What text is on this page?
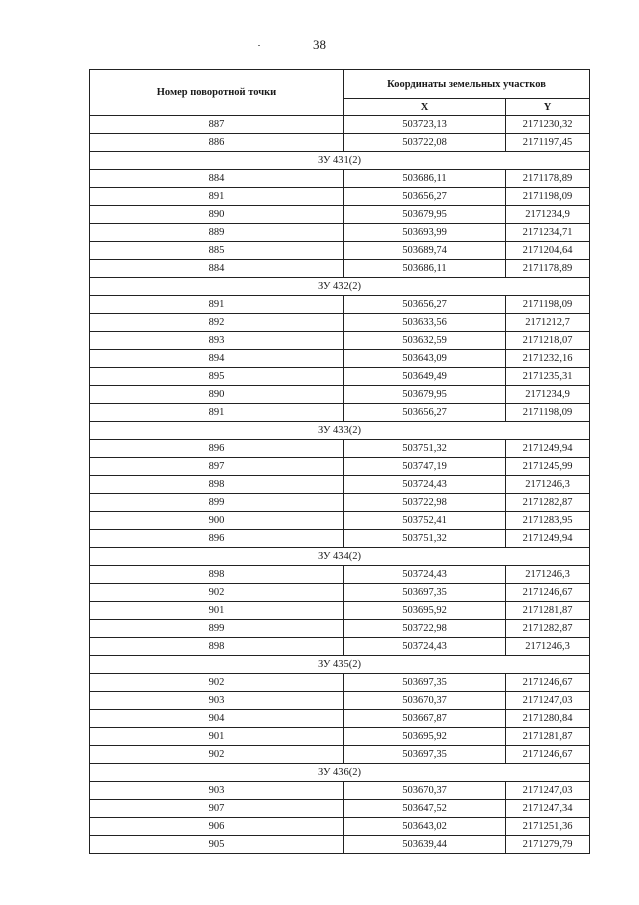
38
Номер поворотной точки	Координаты земельных участков	
	X	Y
887	503723,13	2171230,32
886	503722,08	2171197,45
ЗУ 431(2)		
884	503686,11	2171178,89
891	503656,27	2171198,09
890	503679,95	2171234,9
889	503693,99	2171234,71
885	503689,74	2171204,64
884	503686,11	2171178,89
ЗУ 432(2)		
891	503656,27	2171198,09
892	503633,56	2171212,7
893	503632,59	2171218,07
894	503643,09	2171232,16
895	503649,49	2171235,31
890	503679,95	2171234,9
891	503656,27	2171198,09
ЗУ 433(2)		
896	503751,32	2171249,94
897	503747,19	2171245,99
898	503724,43	2171246,3
899	503722,98	2171282,87
900	503752,41	2171283,95
896	503751,32	2171249,94
ЗУ 434(2)		
898	503724,43	2171246,3
902	503697,35	2171246,67
901	503695,92	2171281,87
899	503722,98	2171282,87
898	503724,43	2171246,3
ЗУ 435(2)		
902	503697,35	2171246,67
903	503670,37	2171247,03
904	503667,87	2171280,84
901	503695,92	2171281,87
902	503697,35	2171246,67
ЗУ 436(2)		
903	503670,37	2171247,03
907	503647,52	2171247,34
906	503643,02	2171251,36
905	503639,44	2171279,79
